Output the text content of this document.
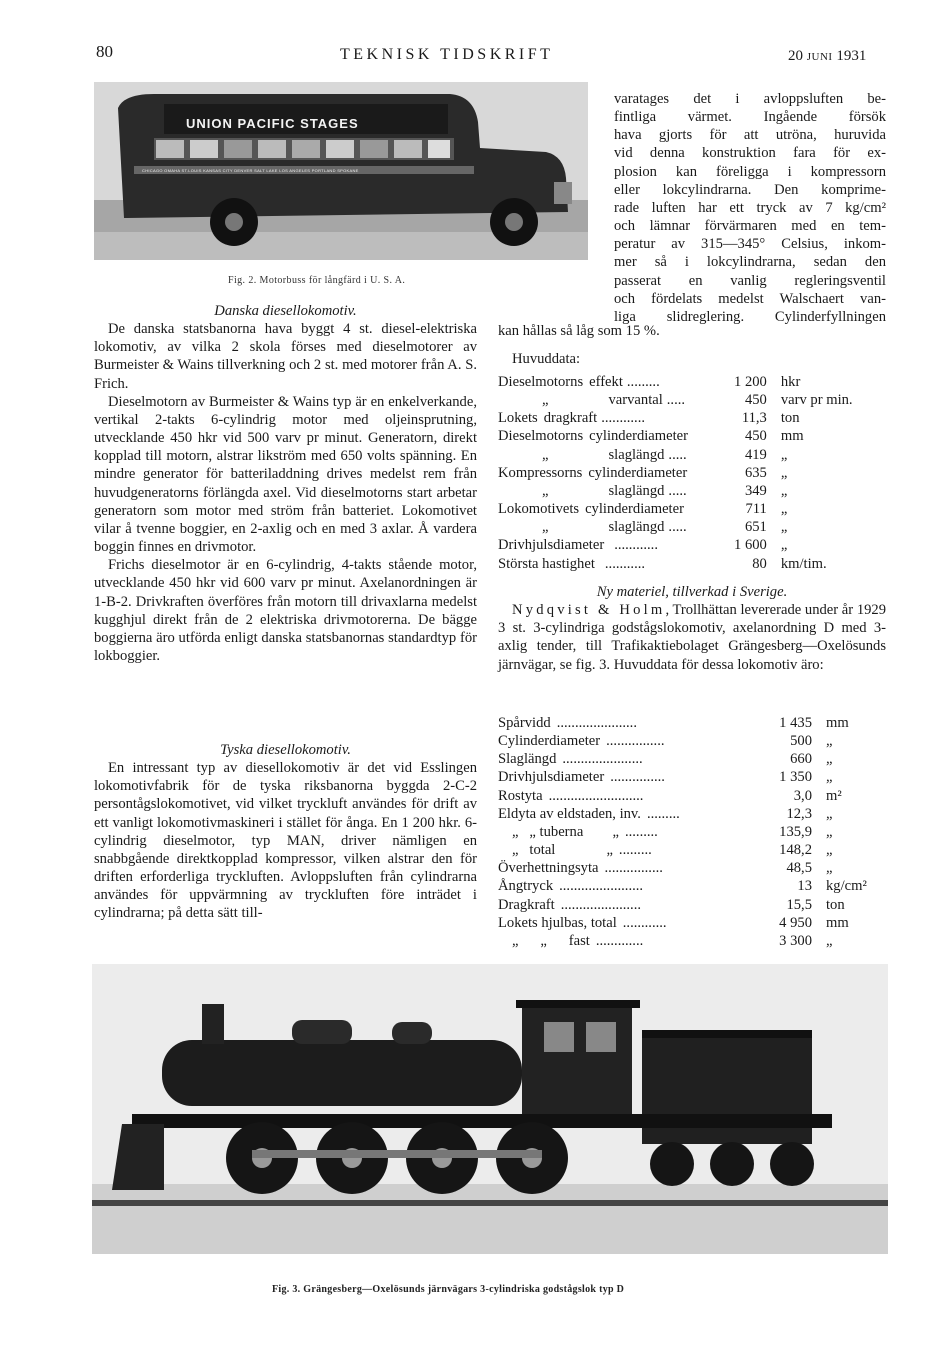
80	TEKNISK TIDSKRIFT	20 JUNI 1931
UNION PACIFIC STAGES
CHICAGO OMAHA ST.LOUIS KANSAS CITY DENVER SALT LAKE LOS ANGELES PORTLAND SPOKANE
Fig. 2. Motorbuss för långfärd i U. S. A.
varatages det i avloppsluften be-
fintliga värmet. Ingående försök
hava gjorts för att utröna, huruvida
vid denna konstruktion fara för ex-
plosion kan föreligga i kompressorn
eller lokcylindrarna. Den komprime-
rade luften har ett tryck av 7 kg/cm²
och lämnar förvärmaren med en tem-
peratur av 315—345° Celsius, inkom-
mer så i lokcylindrarna, sedan den
passerat en vanlig regleringsventil
och fördelats medelst Walschaert van-
liga slidreglering. Cylinderfyllningen
kan hållas så låg som 15 %.
Danska diesellokomotiv.

De danska statsbanorna hava byggt 4 st. diesel-elektriska lokomotiv, av vilka 2 skola förses med dieselmotorer av Burmeister & Wains tillverkning och 2 st. med motorer från A. S. Frich.

Dieselmotorn av Burmeister & Wains typ är en enkelverkande, vertikal 2-takts 6-cylindrig motor med oljeinsprutning, utvecklande 450 hkr vid 500 varv pr minut. Generatorn, direkt kopplad till motorn, alstrar likström med 650 volts spänning. En mindre generator för batteriladdning drives medelst rem från huvudgeneratorns förlängda axel. Vid dieselmotorns start arbetar generatorn som motor med ström från batteriet. Lokomotivet vilar å tvenne boggier, en 2-axlig och en med 3 axlar. Å vardera boggin finnes en drivmotor.

Frichs dieselmotor är en 6-cylindrig, 4-takts stående motor, utvecklande 450 hkr vid 600 varv pr minut. Axelanordningen är 1-B-2. Drivkraften överföres från motorn till drivaxlarna medelst kugghjul direkt från de 2 elektriska drivmotorerna. De bägge boggierna äro utförda enligt danska statsbanornas standardtyp för lokboggier.

Tyska diesellokomotiv.

En intressant typ av diesellokomotiv är det vid Esslingen lokomotivfabrik för de tyska riksbanorna byggda 2-C-2 persontågslokomotivet, vid vilket tryckluft användes för drift av ett vanligt lokomotivmaskineri i stället för ånga. En 1 200 hkr. 6-cylindrig dieselmotor, typ MAN, driver nämligen en snabbgående direktkopplad kompressor, vilken alstrar den för driften erforderliga tryckluften. Avloppsluften från cylindrarna användes för uppvärmning av tryckluften före inträdet i cylindrarna; på detta sätt till-

Huvuddata:
Dieselmotorns effekt .........	1 200	hkr
„ varvantal .....	450	varv pr min.
Lokets dragkraft ............	11,3	ton
Dieselmotorns cylinderdiameter	450	mm
„ slaglängd .....	419	„
Kompressorns cylinderdiameter	635	„
„ slaglängd .....	349	„
Lokomotivets cylinderdiameter	711	„
„ slaglängd .....	651	„
Drivhjulsdiameter ............	1 600	„
Största hastighet ...........	80	km/tim.
Ny materiel, tillverkad i Sverige.

Nydqvist & Holm, Trollhättan levererade under år 1929 3 st. 3-cylindriga godstågslokomotiv, axelanordning D med 3-axlig tender, till Trafikaktiebolaget Grängesberg—Oxelösunds järnvägar, se fig. 3. Huvuddata för dessa lokomotiv äro:

Spårvidd ......................	1 435	mm
Cylinderdiameter ................	500	„
Slaglängd ......................	660	„
Drivhjulsdiameter ...............	1 350	„
Rostyta ..........................	3,0	m²
Eldyta av eldstaden, inv. .........	12,3	„
„   „ tuberna        „ .........	135,9	„
„   total              „ .........	148,2	„
Överhettningsyta ................	48,5	„
Ångtryck .......................	13	kg/cm²
Dragkraft ......................	15,5	ton
Lokets hjulbas, total ............	4 950	mm
„      „      fast .............	3 300	„
Fig. 3. Grängesberg—Oxelösunds järnvägars 3-cylindriska godstågslok typ D
